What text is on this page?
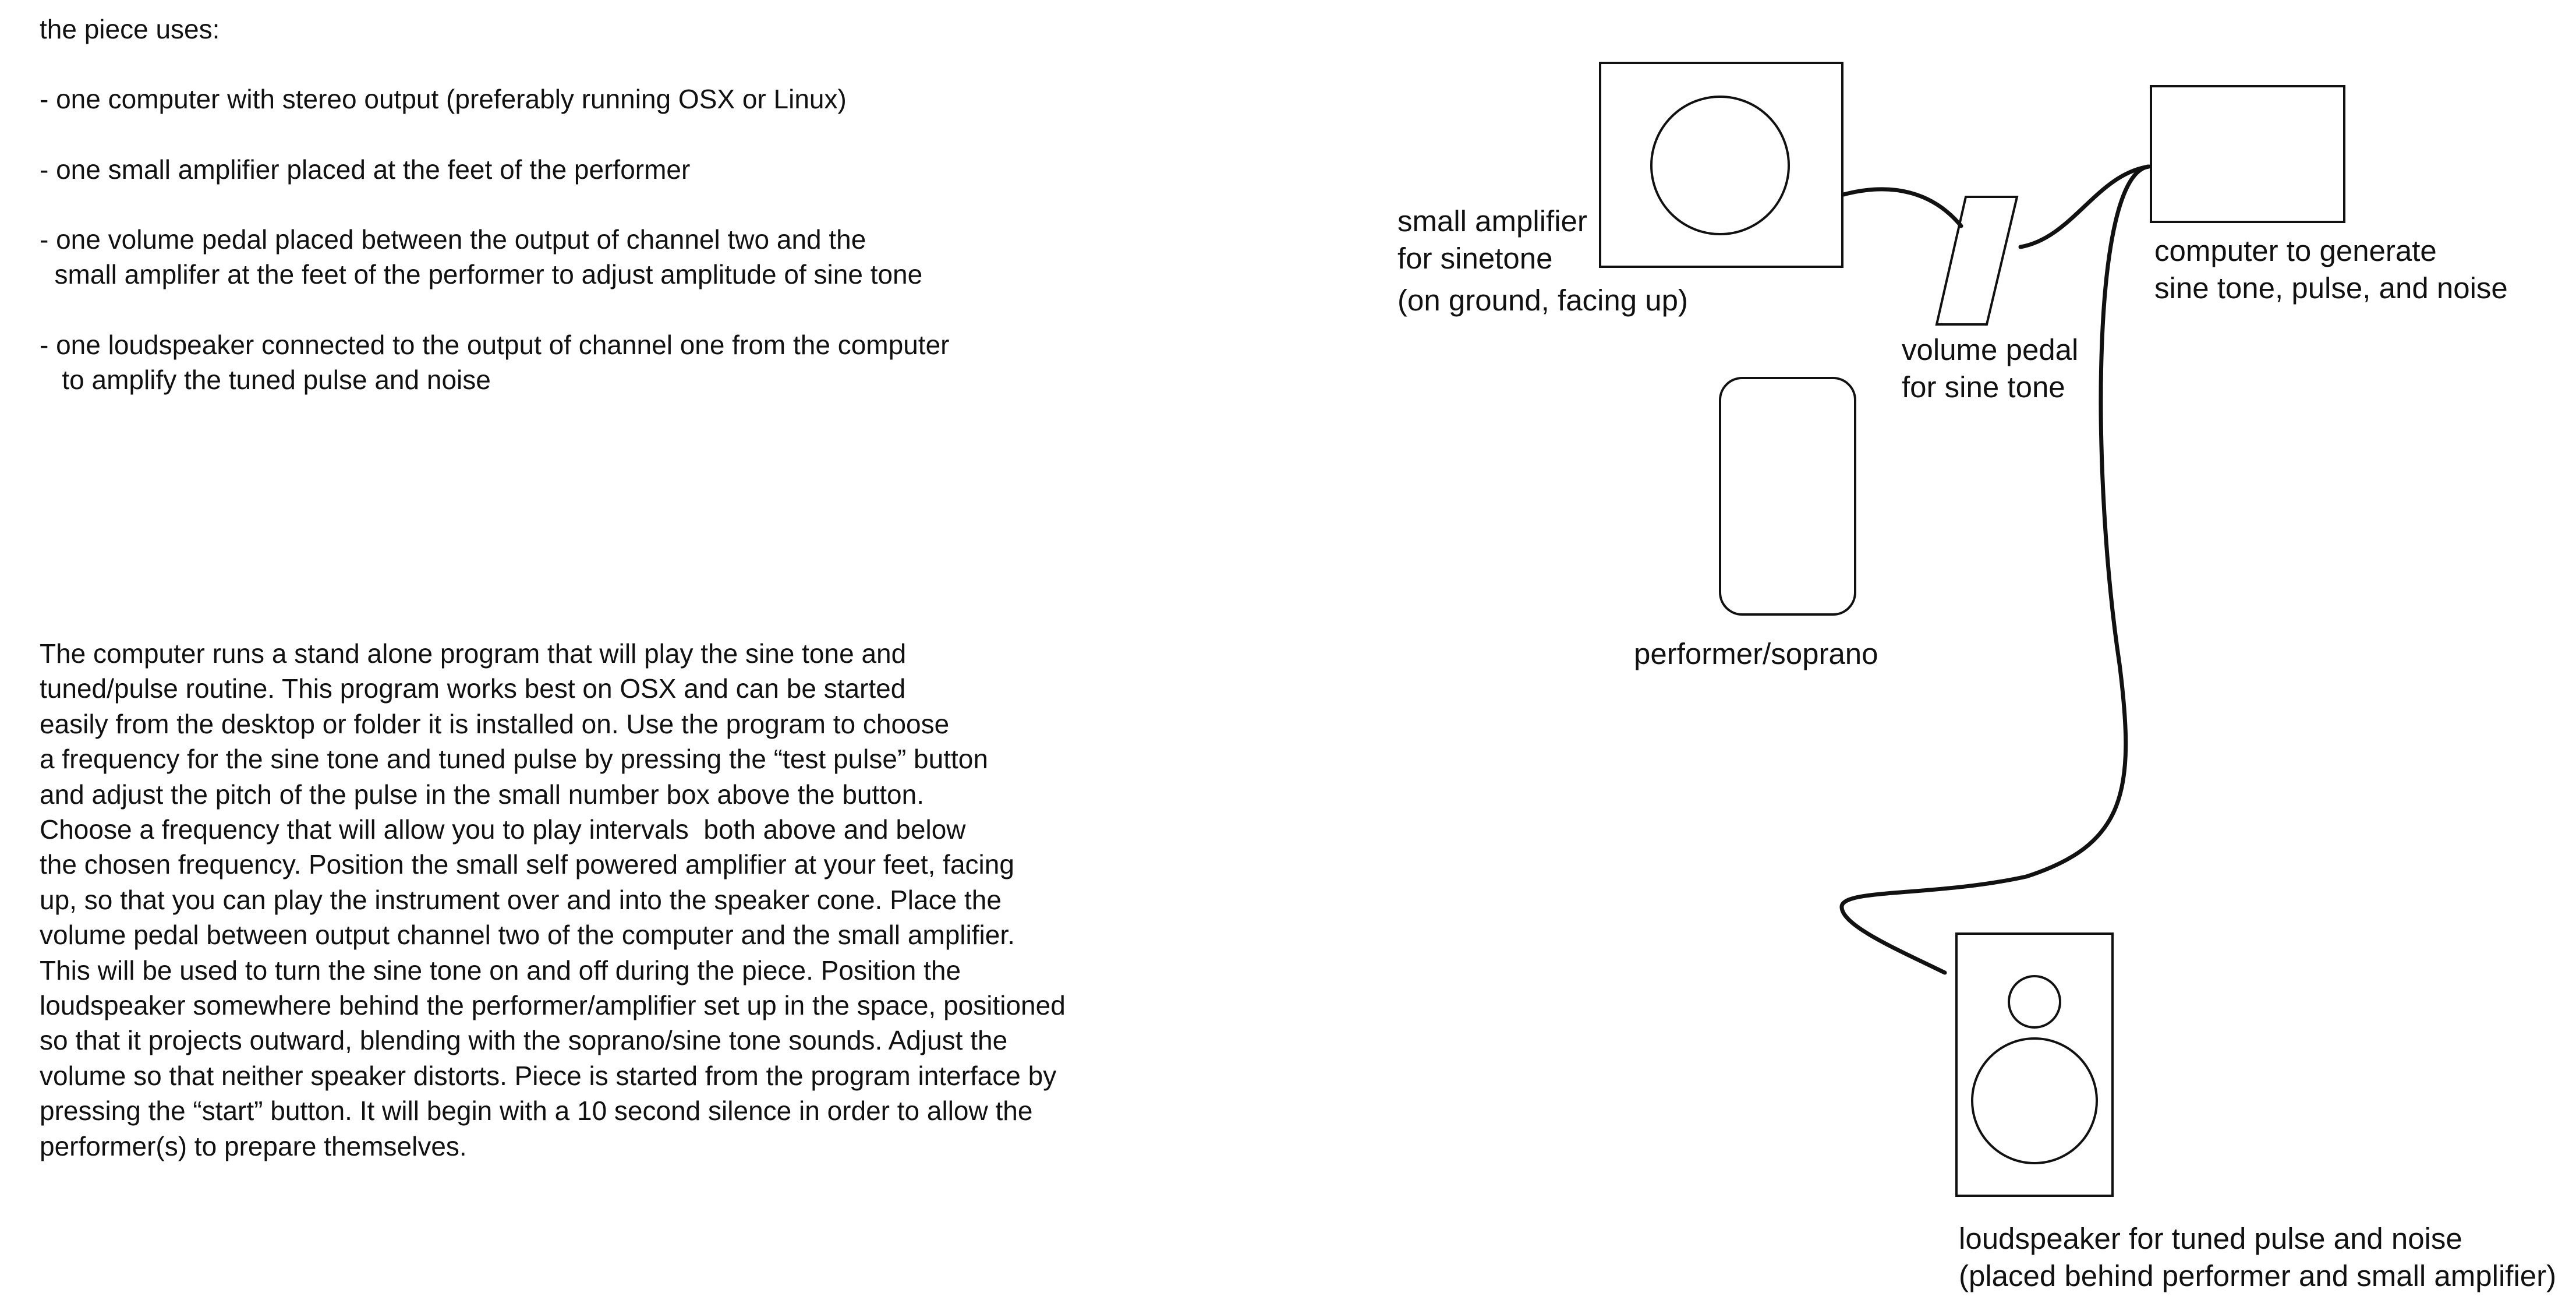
the piece uses:
- one computer with stereo output (preferably running OSX or Linux)
- one small amplifier placed at the feet of the performer
- one volume pedal placed between the output of channel two and the
small amplifer at the feet of the performer to adjust amplitude of sine tone
- one loudspeaker connected to the output of channel one from the computer
to amplify the tuned pulse and noise
The computer runs a stand alone program that will play the sine tone and
tuned/pulse routine. This program works best on OSX and can be started
easily from the desktop or folder it is installed on. Use the program to choose
a frequency for the sine tone and tuned pulse by pressing the “test pulse” button
and adjust the pitch of the pulse in the small number box above the button.
Choose a frequency that will allow you to play intervals  both above and below
the chosen frequency. Position the small self powered amplifier at your feet, facing
up, so that you can play the instrument over and into the speaker cone. Place the
volume pedal between output channel two of the computer and the small amplifier.
This will be used to turn the sine tone on and off during the piece. Position the
loudspeaker somewhere behind the performer/amplifier set up in the space, positioned
so that it projects outward, blending with the soprano/sine tone sounds. Adjust the
volume so that neither speaker distorts. Piece is started from the program interface by
pressing the “start” button. It will begin with a 10 second silence in order to allow the
performer(s) to prepare themselves.
small amplifier
for sinetone
(on ground, facing up)
volume pedal
for sine tone
computer to generate
sine tone, pulse, and noise
performer/soprano
loudspeaker for tuned pulse and noise
(placed behind performer and small amplifier)
